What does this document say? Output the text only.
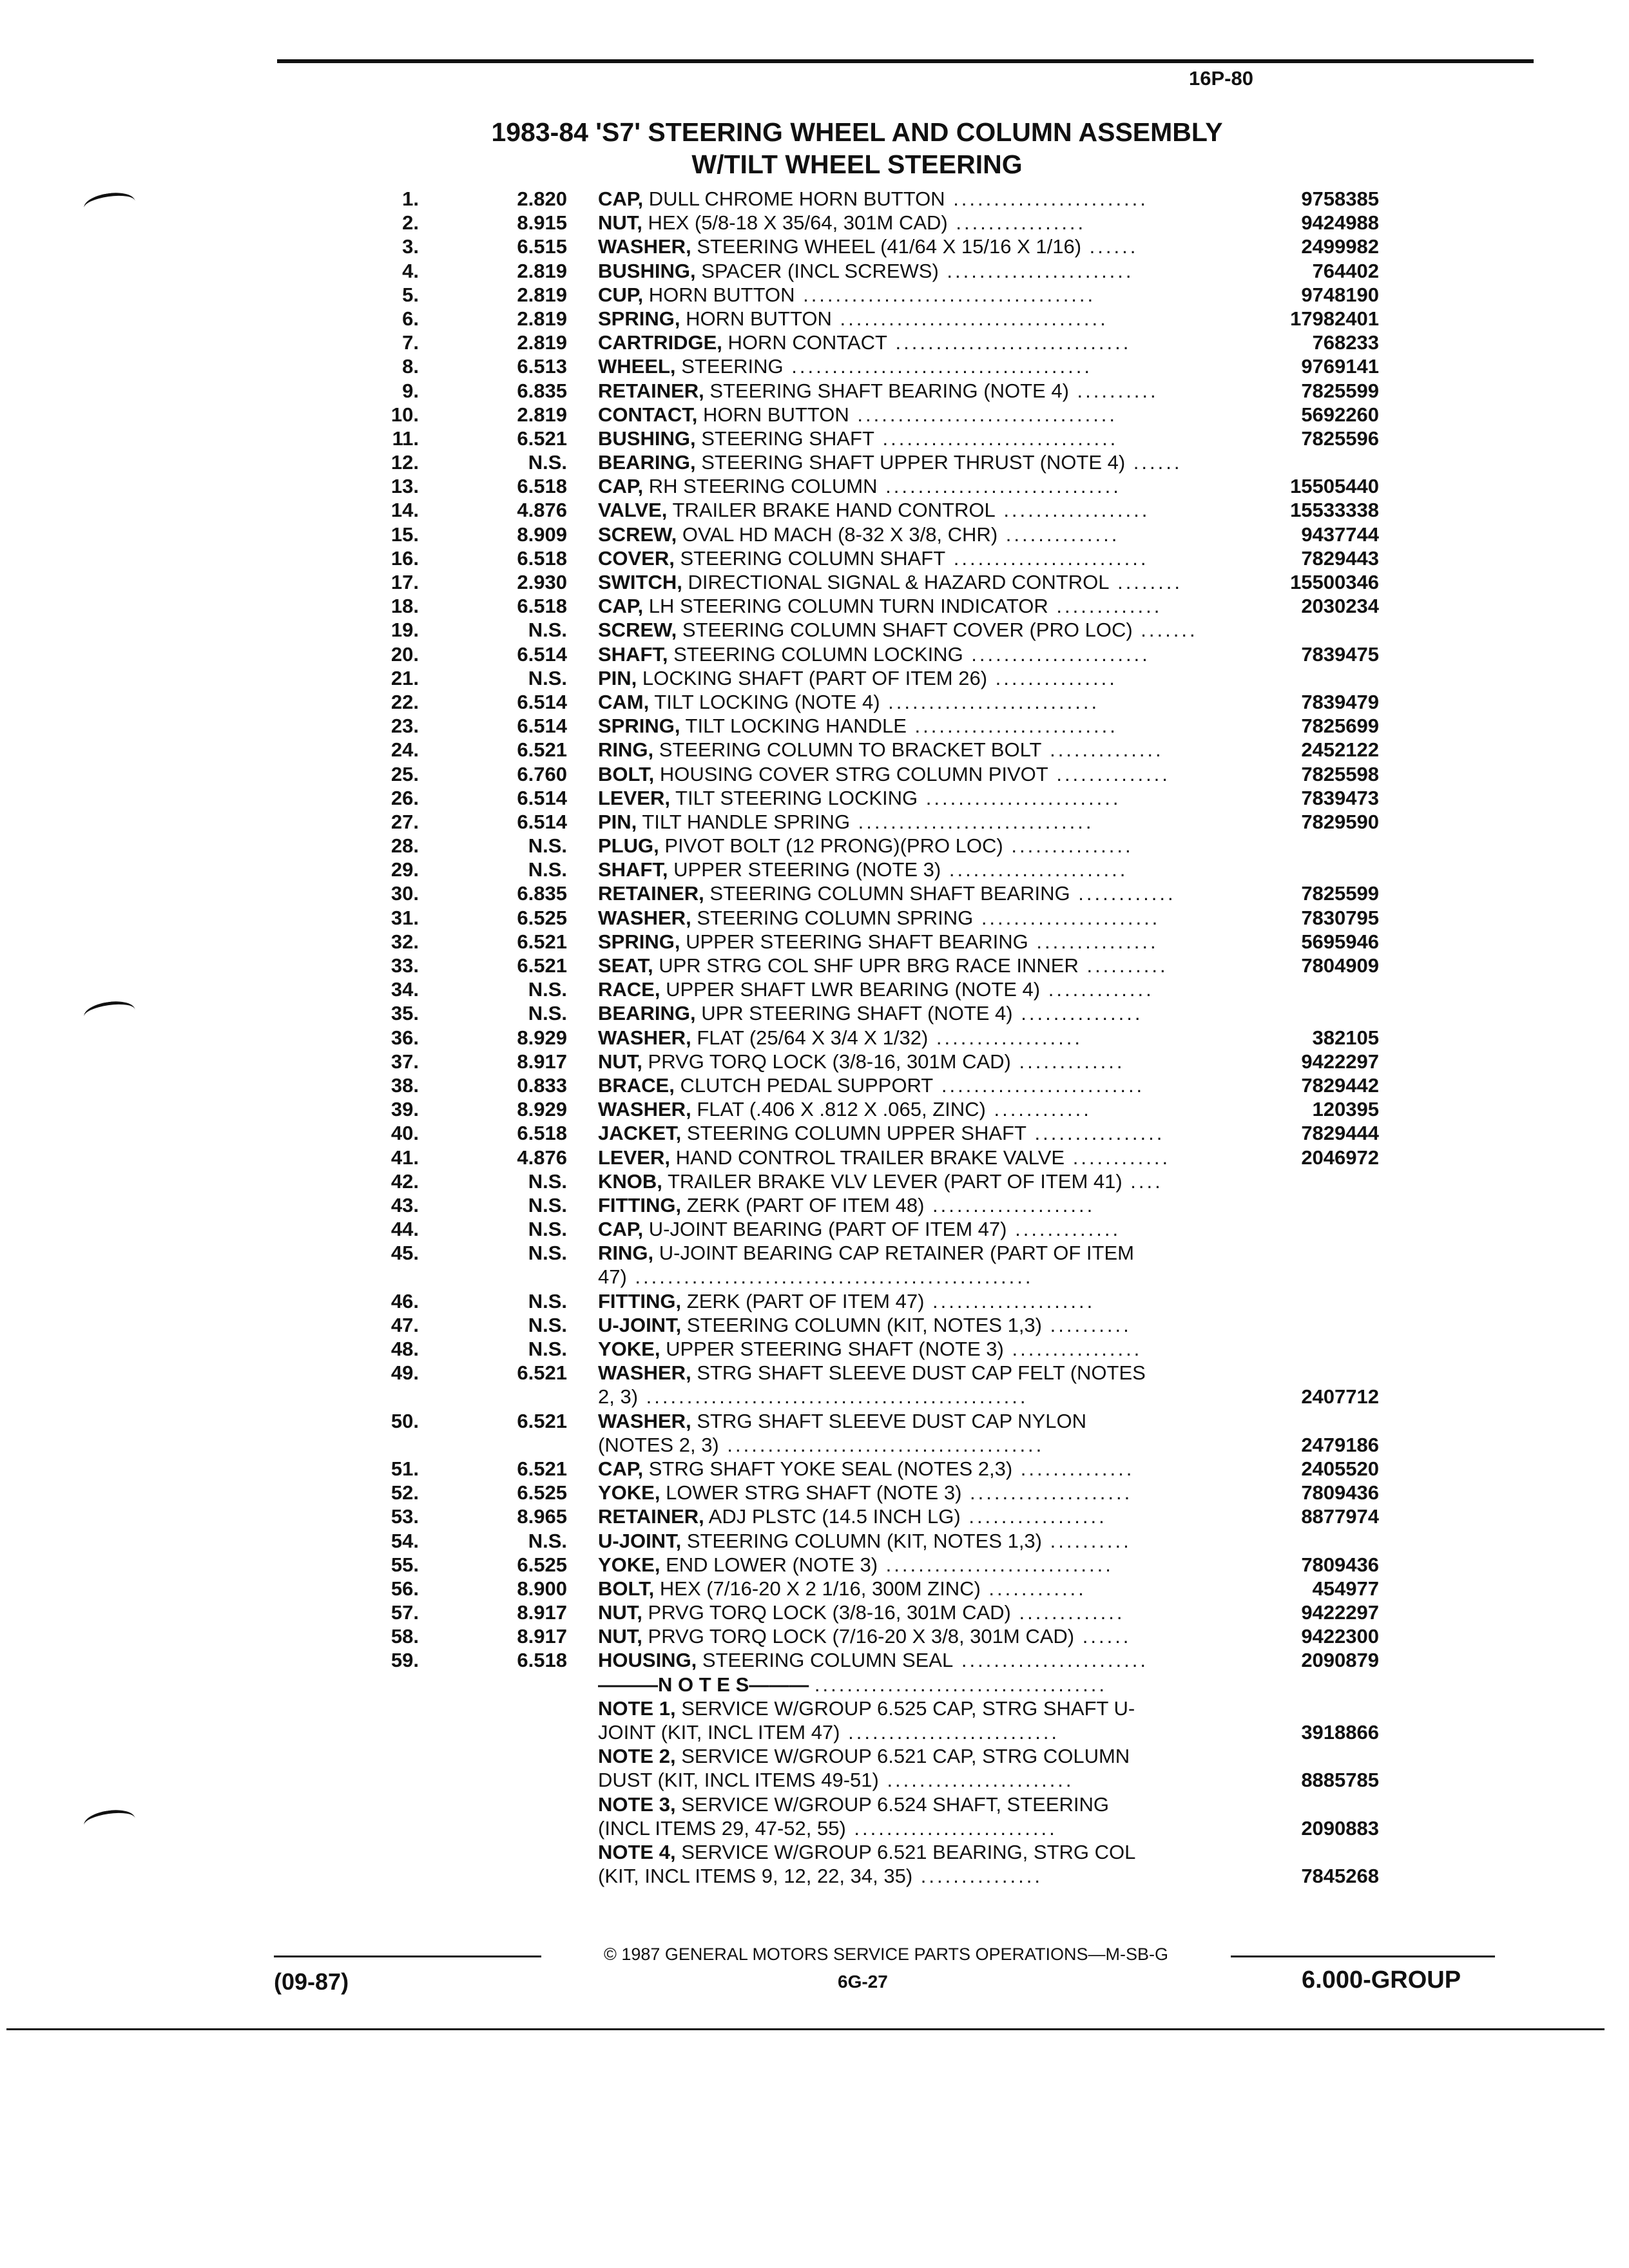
16P-80
1983-84 'S7' STEERING WHEEL AND COLUMN ASSEMBLY
W/TILT WHEEL STEERING
1.	2.820 CAP, DULL CHROME HORN BUTTON ........................	9758385
2.	8.915 NUT, HEX (5/8-18 X 35/64, 301M CAD) ................	9424988
3.	6.515 WASHER, STEERING WHEEL (41/64 X 15/16 X 1/16) ......	2499982
4.	2.819 BUSHING, SPACER (INCL SCREWS) .......................	764402
5.	2.819 CUP, HORN BUTTON ....................................	9748190
6.	2.819 SPRING, HORN BUTTON .................................	17982401
7.	2.819 CARTRIDGE, HORN CONTACT .............................	768233
8.	6.513 WHEEL, STEERING .....................................	9769141
9.	6.835 RETAINER, STEERING SHAFT BEARING (NOTE 4) ..........	7825599
10.	2.819 CONTACT, HORN BUTTON ................................	5692260
11.	6.521 BUSHING, STEERING SHAFT .............................	7825596
12.	N.S. BEARING, STEERING SHAFT UPPER THRUST (NOTE 4) ......
13.	6.518 CAP, RH STEERING COLUMN .............................	15505440
14.	4.876 VALVE, TRAILER BRAKE HAND CONTROL ..................	15533338
15.	8.909 SCREW, OVAL HD MACH (8-32 X 3/8, CHR) ..............	9437744
16.	6.518 COVER, STEERING COLUMN SHAFT ........................	7829443
17.	2.930 SWITCH, DIRECTIONAL SIGNAL & HAZARD CONTROL ........	15500346
18.	6.518 CAP, LH STEERING COLUMN TURN INDICATOR .............	2030234
19.	N.S. SCREW, STEERING COLUMN SHAFT COVER (PRO LOC) .......
20.	6.514 SHAFT, STEERING COLUMN LOCKING ......................	7839475
21.	N.S. PIN, LOCKING SHAFT (PART OF ITEM 26) ...............
22.	6.514 CAM, TILT LOCKING (NOTE 4) ..........................	7839479
23.	6.514 SPRING, TILT LOCKING HANDLE .........................	7825699
24.	6.521 RING, STEERING COLUMN TO BRACKET BOLT ..............	2452122
25.	6.760 BOLT, HOUSING COVER STRG COLUMN PIVOT ..............	7825598
26.	6.514 LEVER, TILT STEERING LOCKING ........................	7839473
27.	6.514 PIN, TILT HANDLE SPRING .............................	7829590
28.	N.S. PLUG, PIVOT BOLT (12 PRONG)(PRO LOC) ...............
29.	N.S. SHAFT, UPPER STEERING (NOTE 3) ......................
30.	6.835 RETAINER, STEERING COLUMN SHAFT BEARING ............	7825599
31.	6.525 WASHER, STEERING COLUMN SPRING ......................	7830795
32.	6.521 SPRING, UPPER STEERING SHAFT BEARING ...............	5695946
33.	6.521 SEAT, UPR STRG COL SHF UPR BRG RACE INNER ..........	7804909
34.	N.S. RACE, UPPER SHAFT LWR BEARING (NOTE 4) .............
35.	N.S. BEARING, UPR STEERING SHAFT (NOTE 4) ...............
36.	8.929 WASHER, FLAT (25/64 X 3/4 X 1/32) ..................	382105
37.	8.917 NUT, PRVG TORQ LOCK (3/8-16, 301M CAD) .............	9422297
38.	0.833 BRACE, CLUTCH PEDAL SUPPORT .........................	7829442
39.	8.929 WASHER, FLAT (.406 X .812 X .065, ZINC) ............	120395
40.	6.518 JACKET, STEERING COLUMN UPPER SHAFT ................	7829444
41.	4.876 LEVER, HAND CONTROL TRAILER BRAKE VALVE ............	2046972
42.	N.S. KNOB, TRAILER BRAKE VLV LEVER (PART OF ITEM 41) ....
43.	N.S. FITTING, ZERK (PART OF ITEM 48) ....................
44.	N.S. CAP, U-JOINT BEARING (PART OF ITEM 47) .............
45.	N.S. RING, U-JOINT BEARING CAP RETAINER (PART OF ITEM
47) .................................................
46.	N.S. FITTING, ZERK (PART OF ITEM 47) ....................
47.	N.S. U-JOINT, STEERING COLUMN (KIT, NOTES 1,3) ..........
48.	N.S. YOKE, UPPER STEERING SHAFT (NOTE 3) ................
49.	6.521 WASHER, STRG SHAFT SLEEVE DUST CAP FELT (NOTES
2, 3) ...............................................	2407712
50.	6.521 WASHER, STRG SHAFT SLEEVE DUST CAP NYLON
(NOTES 2, 3) .......................................	2479186
51.	6.521 CAP, STRG SHAFT YOKE SEAL (NOTES 2,3) ..............	2405520
52.	6.525 YOKE, LOWER STRG SHAFT (NOTE 3) ....................	7809436
53.	8.965 RETAINER, ADJ PLSTC (14.5 INCH LG) .................	8877974
54.	N.S. U-JOINT, STEERING COLUMN (KIT, NOTES 1,3) ..........
55.	6.525 YOKE, END LOWER (NOTE 3) ............................	7809436
56.	8.900 BOLT, HEX (7/16-20 X 2 1/16, 300M ZINC) ............	454977
57.	8.917 NUT, PRVG TORQ LOCK (3/8-16, 301M CAD) .............	9422297
58.	8.917 NUT, PRVG TORQ LOCK (7/16-20 X 3/8, 301M CAD) ......	9422300
59.	6.518 HOUSING, STEERING COLUMN SEAL .......................	2090879
———N O T E S——— ....................................
NOTE 1, SERVICE W/GROUP 6.525 CAP, STRG SHAFT U-
JOINT (KIT, INCL ITEM 47) ..........................	3918866
NOTE 2, SERVICE W/GROUP 6.521 CAP, STRG COLUMN
DUST (KIT, INCL ITEMS 49-51) .......................	8885785
NOTE 3, SERVICE W/GROUP 6.524 SHAFT, STEERING
(INCL ITEMS 29, 47-52, 55) .........................	2090883
NOTE 4, SERVICE W/GROUP 6.521 BEARING, STRG COL
(KIT, INCL ITEMS 9, 12, 22, 34, 35) ...............	7845268
© 1987 GENERAL MOTORS SERVICE PARTS OPERATIONS—M-SB-G
(09-87)	6G-27	6.000-GROUP
